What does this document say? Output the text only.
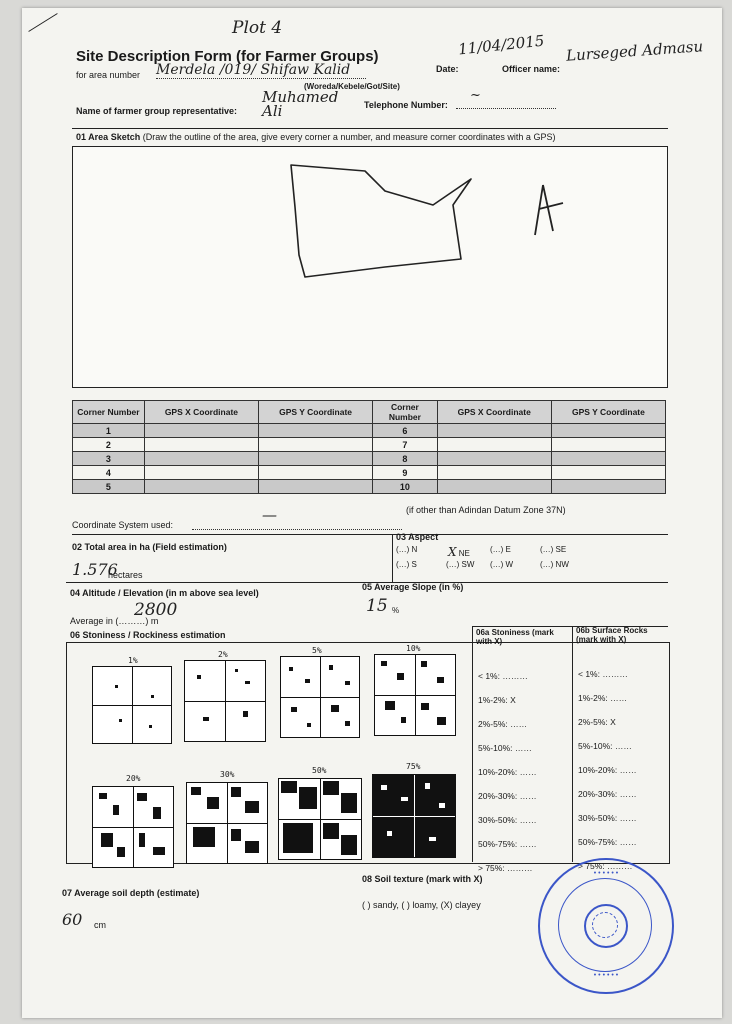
Plot 4
Site Description Form (for Farmer Groups)
for area number Merdela /019/ Shifaw Kalid
(Woreda/Kebele/Got/Site)
Date:
11/04/2015
Officer name:
Lurseged Admasu
Name of farmer group representative:
Muhamed Ali	Telephone Number:
~
01 Area Sketch (Draw the outline of the area, give every corner a number, and measure corner coordinates with a GPS)
Corner Number	GPS X Coordinate	GPS Y Coordinate	Corner Number	GPS X Coordinate	GPS Y Coordinate
1			6		
2			7		
3			8		
4			9		
5			10		
Coordinate System used:
—	(if other than Adindan Datum Zone 37N)
02 Total area in ha (Field estimation)
1.576
hectares
03 Aspect
(…) N	X NE	(…) E	(…) SE
(…) S	(…) SW (…) W	(…) NW
04 Altitude / Elevation (in m above sea level)
Average in (………) m
2800
05 Average Slope (in %)
15 %
06 Stoniness / Rockiness estimation
1%
2%	5%	10%
20%	30%	50%	75%
06a Stoniness (mark with X)
06b Surface Rocks (mark with X)
< 1%: ………
1%-2%: X
2%-5%: ……
5%-10%: ……
10%-20%: ……
20%-30%: ……
30%-50%: ……
50%-75%: ……
> 75%: ………
< 1%: ………
1%-2%: ……
2%-5%: X
5%-10%: ……
10%-20%: ……
20%-30%: ……
30%-50%: ……
50%-75%: ……
> 75%: ………
07 Average soil depth (estimate)
60 cm
08 Soil texture (mark with X)
( ) sandy, ( ) loamy, (X) clayey
• • • • • •
• • • • • •
